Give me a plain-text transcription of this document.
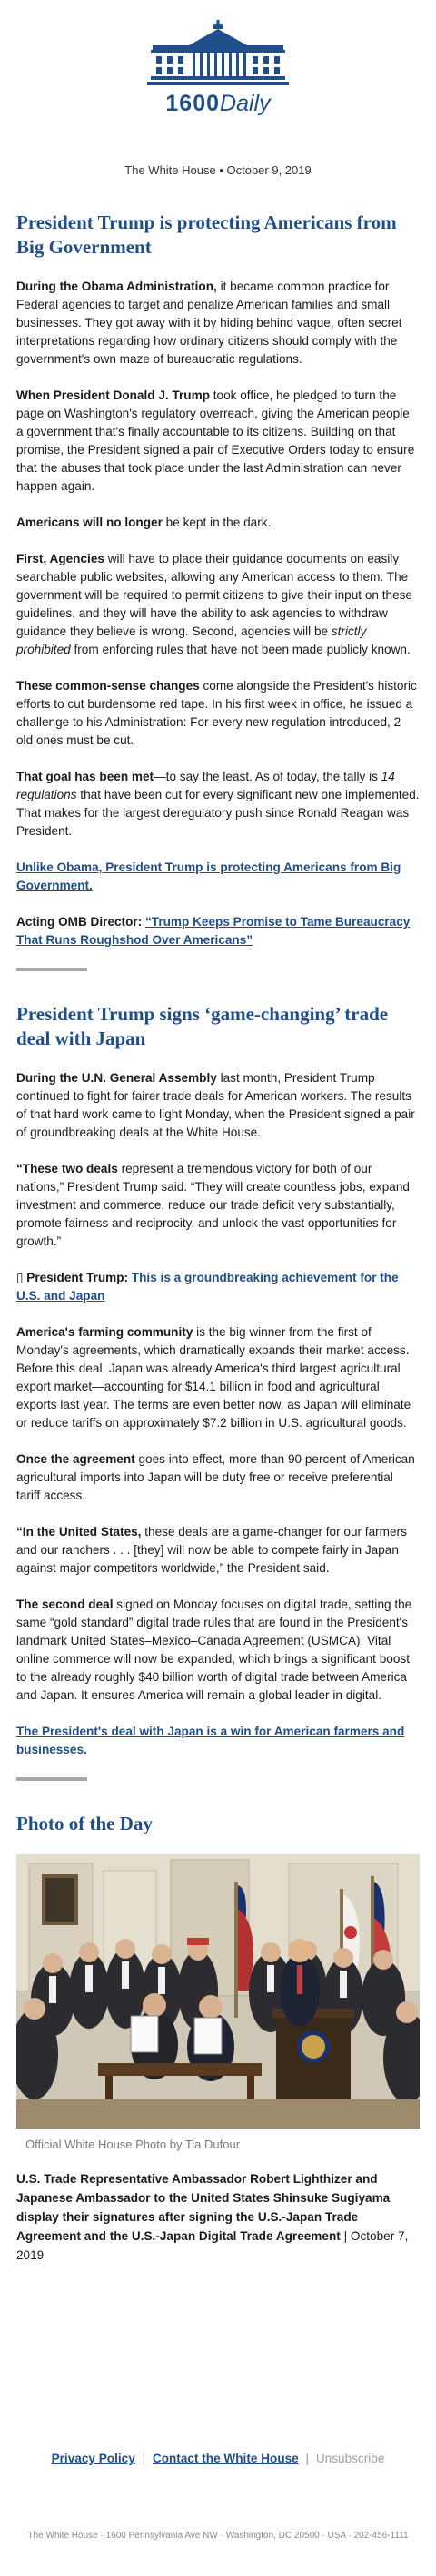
1600Daily
The White House • October 9, 2019
President Trump is protecting Americans from Big Government

During the Obama Administration, it became common practice for Federal agencies to target and penalize American families and small businesses. They got away with it by hiding behind vague, often secret interpretations regarding how ordinary citizens should comply with the government's own maze of bureaucratic regulations.

When President Donald J. Trump took office, he pledged to turn the page on Washington's regulatory overreach, giving the American people a government that's finally accountable to its citizens. Building on that promise, the President signed a pair of Executive Orders today to ensure that the abuses that took place under the last Administration can never happen again.

Americans will no longer be kept in the dark.

First, Agencies will have to place their guidance documents on easily searchable public websites, allowing any American access to them. The government will be required to permit citizens to give their input on these guidelines, and they will have the ability to ask agencies to withdraw guidance they believe is wrong. Second, agencies will be strictly prohibited from enforcing rules that have not been made publicly known.

These common-sense changes come alongside the President's historic efforts to cut burdensome red tape. In his first week in office, he issued a challenge to his Administration: For every new regulation introduced, 2 old ones must be cut.

That goal has been met—to say the least. As of today, the tally is 14 regulations that have been cut for every significant new one implemented. That makes for the largest deregulatory push since Ronald Reagan was President.

Unlike Obama, President Trump is protecting Americans from Big Government.

Acting OMB Director: “Trump Keeps Promise to Tame Bureaucracy That Runs Roughshod Over Americans”

President Trump signs ‘game-changing’ trade deal with Japan

During the U.N. General Assembly last month, President Trump continued to fight for fairer trade deals for American workers. The results of that hard work came to light Monday, when the President signed a pair of groundbreaking deals at the White House.

“These two deals represent a tremendous victory for both of our nations,” President Trump said. “They will create countless jobs, expand investment and commerce, reduce our trade deficit very substantially, promote fairness and reciprocity, and unlock the vast opportunities for growth.”

▯ President Trump: This is a groundbreaking achievement for the U.S. and Japan

America's farming community is the big winner from the first of Monday's agreements, which dramatically expands their market access. Before this deal, Japan was already America's third largest agricultural export market—accounting for $14.1 billion in food and agricultural exports last year. The terms are even better now, as Japan will eliminate or reduce tariffs on approximately $7.2 billion in U.S. agricultural goods.

Once the agreement goes into effect, more than 90 percent of American agricultural imports into Japan will be duty free or receive preferential tariff access.

“In the United States, these deals are a game-changer for our farmers and our ranchers . . . [they] will now be able to compete fairly in Japan against major competitors worldwide,” the President said.

The second deal signed on Monday focuses on digital trade, setting the same “gold standard” digital trade rules that are found in the President's landmark United States–Mexico–Canada Agreement (USMCA). Vital online commerce will now be expanded, which brings a significant boost to the already roughly $40 billion worth of digital trade between America and Japan. It ensures America will remain a global leader in digital.

The President's deal with Japan is a win for American farmers and businesses.

Photo of the Day
Official White House Photo by Tia Dufour

U.S. Trade Representative Ambassador Robert Lighthizer and Japanese Ambassador to the United States Shinsuke Sugiyama display their signatures after signing the U.S.-Japan Trade Agreement and the U.S.-Japan Digital Trade Agreement | October 7, 2019

Privacy Policy | Contact the White House | Unsubscribe
The White House · 1600 Pennsylvania Ave NW · Washington, DC 20500 · USA · 202-456-1111
